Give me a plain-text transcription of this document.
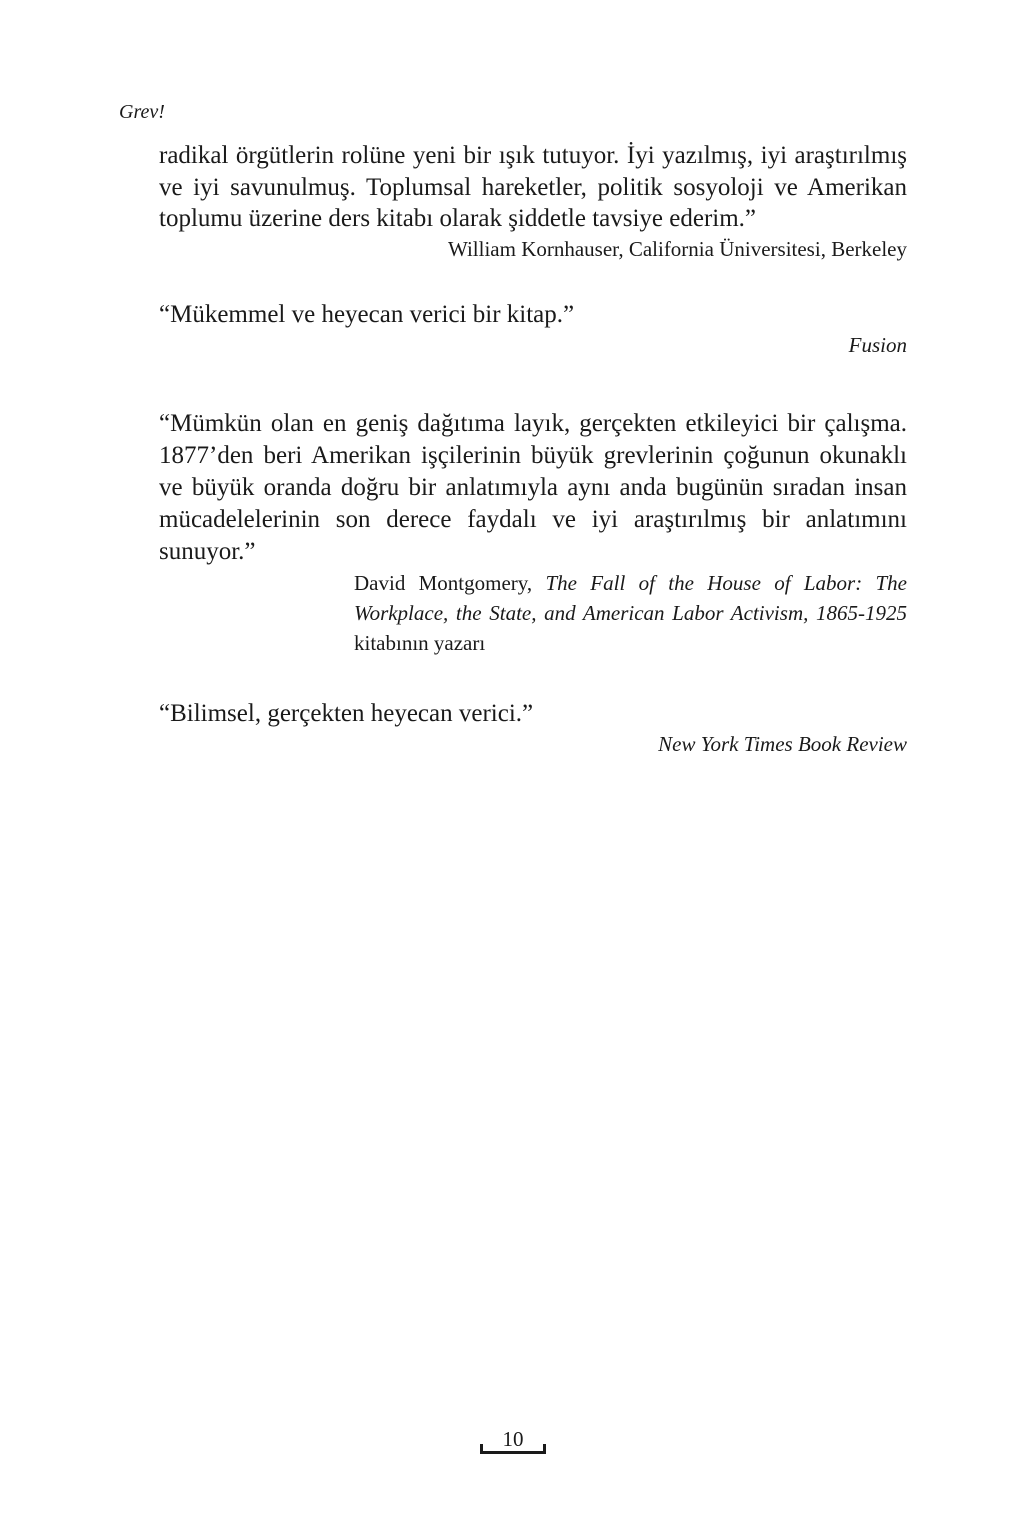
Grev!

radikal örgütlerin rolüne yeni bir ışık tutuyor. İyi yazılmış, iyi araştırılmış ve iyi savunulmuş. Toplumsal hareketler, politik sosyoloji ve Amerikan toplumu üzerine ders kitabı olarak şiddetle tavsiye ederim.”

William Kornhauser, California Üniversitesi, Berkeley

“Mükemmel ve heyecan verici bir kitap.”

Fusion

“Mümkün olan en geniş dağıtıma layık, gerçekten etkileyici bir çalışma. 1877’den beri Amerikan işçilerinin büyük grevlerinin çoğunun okunaklı ve büyük oranda doğru bir anlatımıyla aynı anda bugünün sıradan insan mücadelelerinin son derece faydalı ve iyi araştırılmış bir anlatımını sunuyor.”

David Montgomery, The Fall of the House of Labor: The Workplace, the State, and American Labor Activism, 1865-1925 kitabının yazarı

“Bilimsel, gerçekten heyecan verici.”

New York Times Book Review

10
